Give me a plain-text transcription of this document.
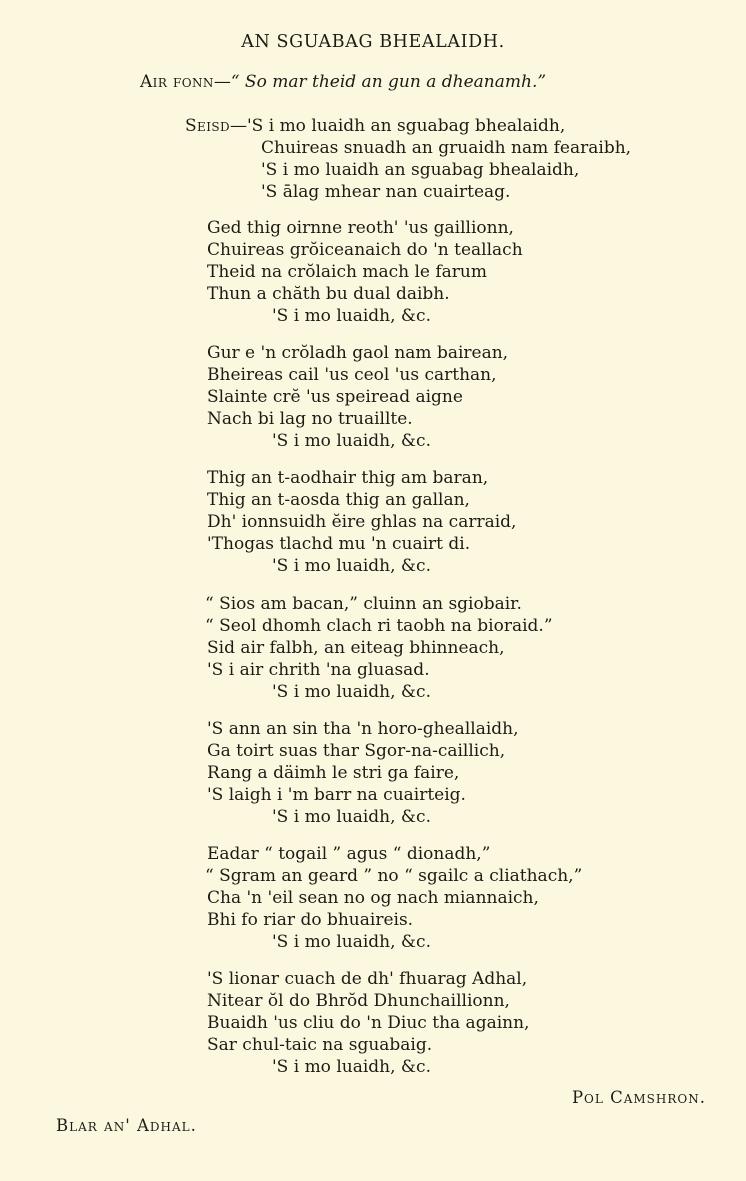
AN SGUABAG BHEALAIDH.
Air fonn—“ So mar theid an gun a dheanamh.”
Seisd—'S i mo luaidh an sguabag bhealaidh,
Chuireas snuadh an gruaidh nam fearaibh,
'S i mo luaidh an sguabag bhealaidh,
'S ālag mhear nan cuairteag.
Ged thig oirnne reoth' 'us gaillionn,
Chuireas grŏiceanaich do 'n teallach
Theid na crŏlaich mach le farum
Thun a chăth bu dual daibh.
'S i mo luaidh, &c.
Gur e 'n crŏladh gaol nam bairean,
Bheireas cail 'us ceol 'us carthan,
Slainte crĕ 'us speiread aigne
Nach bi lag no truaillte.
'S i mo luaidh, &c.
Thig an t-aodhair thig am baran,
Thig an t-aosda thig an gallan,
Dh' ionnsuidh ĕire ghlas na carraid,
'Thogas tlachd mu 'n cuairt di.
'S i mo luaidh, &c.
“ Sios am bacan,” cluinn an sgiobair.
“ Seol dhomh clach ri taobh na bioraid.”
Sid air falbh, an eiteag bhinneach,
'S i air chrith 'na gluasad.
'S i mo luaidh, &c.
'S ann an sin tha 'n horo-gheallaidh,
Ga toirt suas thar Sgor-na-caillich,
Rang a däimh le stri ga faire,
'S laigh i 'm barr na cuairteig.
'S i mo luaidh, &c.
Eadar “ togail ” agus “ dionadh,”
“ Sgram an geard ” no “ sgailc a cliathach,”
Cha 'n 'eil sean no og nach miannaich,
Bhi fo riar do bhuaireis.
'S i mo luaidh, &c.
'S lionar cuach de dh' fhuarag Adhal,
Nitear ŏl do Bhrŏd Dhunchaillionn,
Buaidh 'us cliu do 'n Diuc tha againn,
Sar chul-taic na sguabaig.
'S i mo luaidh, &c.
Pol Camshron.
Blar an' Adhal.
